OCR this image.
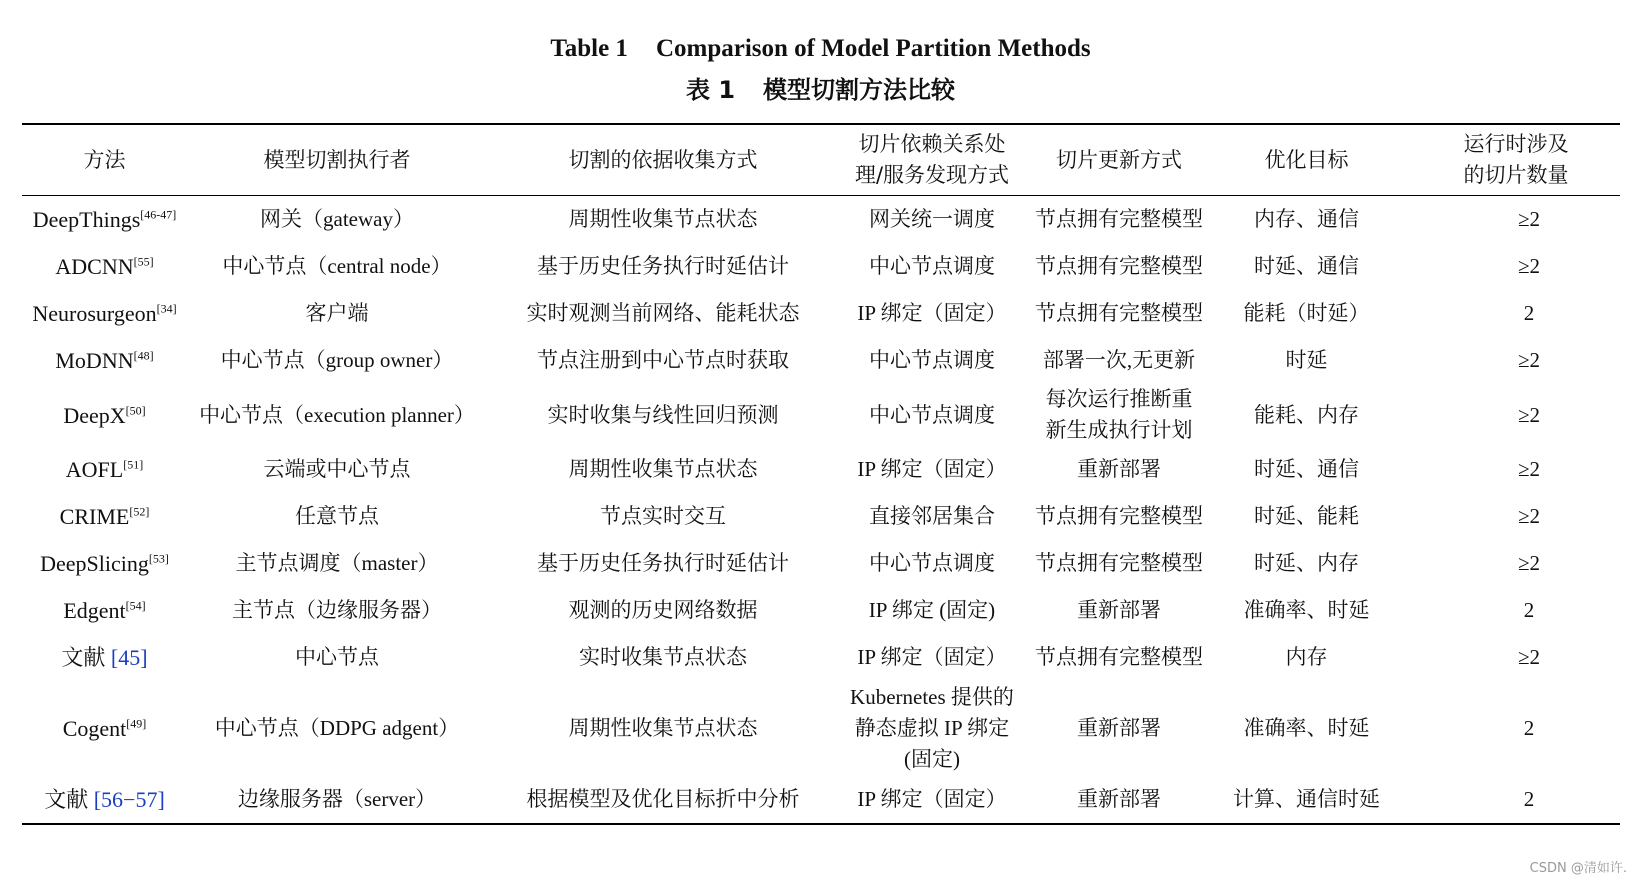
Table 1 Comparison of Model Partition Methods
表 1 模型切割方法比较
方法	模型切割执行者	切割的依据收集方式	切片依赖关系处理/服务发现方式	切片更新方式	优化目标	运行时涉及的切片数量
DeepThings[46-47]	网关（gateway）	周期性收集节点状态	网关统一调度	节点拥有完整模型	内存、通信	≥2
ADCNN[55]	中心节点（central node）	基于历史任务执行时延估计	中心节点调度	节点拥有完整模型	时延、通信	≥2
Neurosurgeon[34]	客户端	实时观测当前网络、能耗状态	IP 绑定（固定）	节点拥有完整模型	能耗（时延）	2
MoDNN[48]	中心节点（group owner）	节点注册到中心节点时获取	中心节点调度	部署一次,无更新	时延	≥2
DeepX[50]	中心节点（execution planner）	实时收集与线性回归预测	中心节点调度	每次运行推断重新生成执行计划	能耗、内存	≥2
AOFL[51]	云端或中心节点	周期性收集节点状态	IP 绑定（固定）	重新部署	时延、通信	≥2
CRIME[52]	任意节点	节点实时交互	直接邻居集合	节点拥有完整模型	时延、能耗	≥2
DeepSlicing[53]	主节点调度（master）	基于历史任务执行时延估计	中心节点调度	节点拥有完整模型	时延、内存	≥2
Edgent[54]	主节点（边缘服务器）	观测的历史网络数据	IP 绑定 (固定)	重新部署	准确率、时延	2
文献 [45]	中心节点	实时收集节点状态	IP 绑定（固定）	节点拥有完整模型	内存	≥2
Cogent[49]	中心节点（DDPG adgent）	周期性收集节点状态	Kubernetes 提供的静态虚拟 IP 绑定(固定)	重新部署	准确率、时延	2
文献 [56−57]	边缘服务器（server）	根据模型及优化目标折中分析	IP 绑定（固定）	重新部署	计算、通信时延	2
CSDN @清如许.
